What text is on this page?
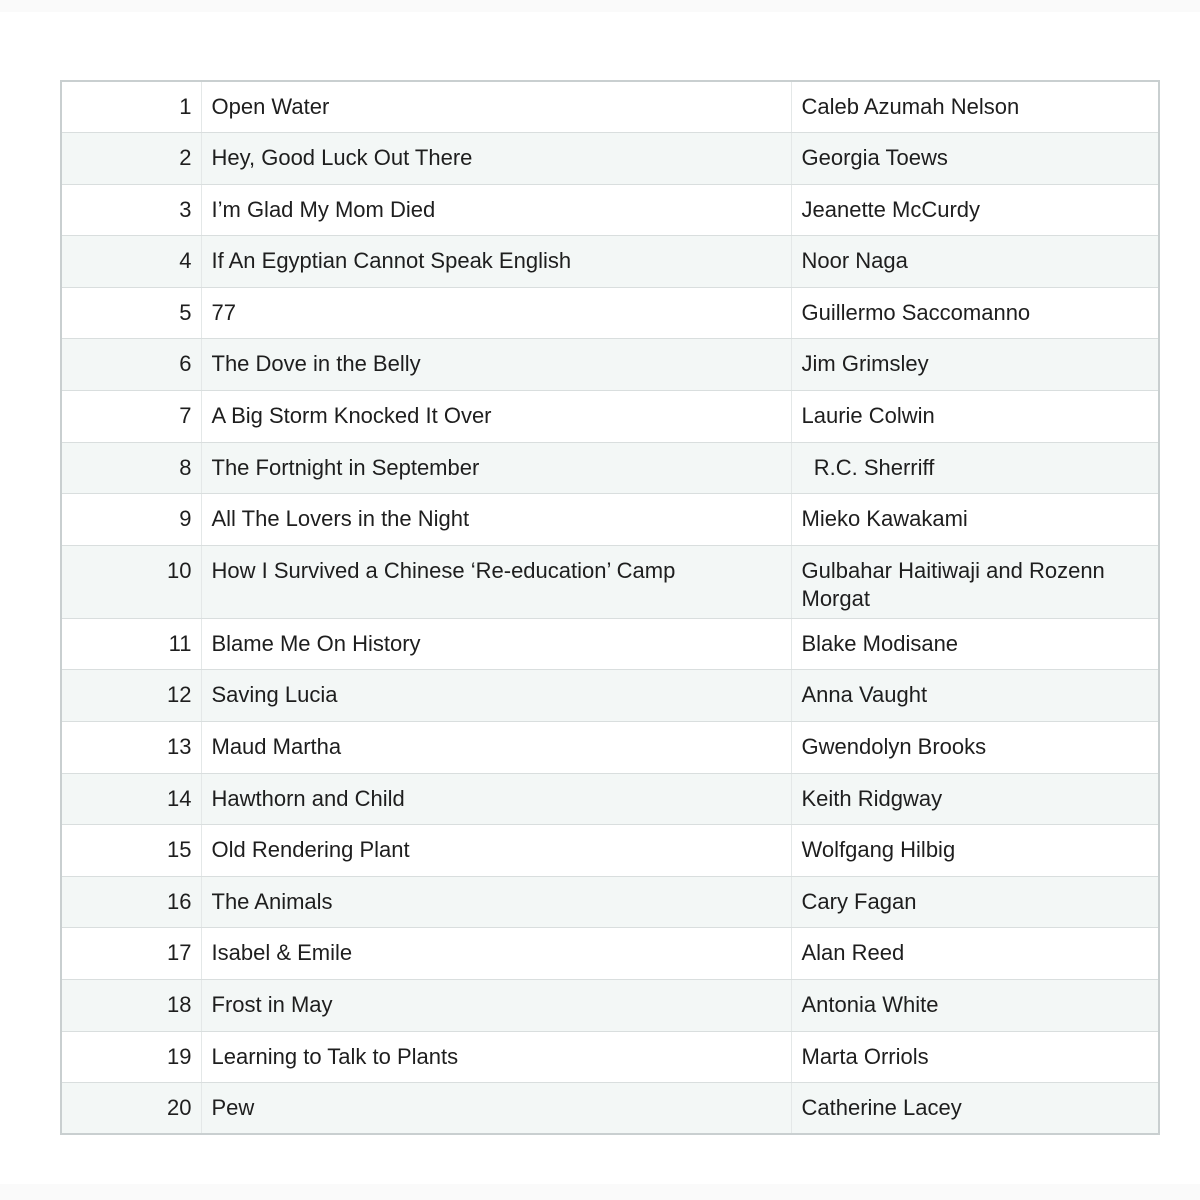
1	Open Water	Caleb Azumah Nelson
2	Hey, Good Luck Out There	Georgia Toews
3	I’m Glad My Mom Died	Jeanette McCurdy
4	If An Egyptian Cannot Speak English	Noor Naga
5	77	Guillermo Saccomanno
6	The Dove in the Belly	Jim Grimsley
7	A Big Storm Knocked It Over	Laurie Colwin
8	The Fortnight in September	R.C. Sherriff
9	All The Lovers in the Night	Mieko Kawakami
10	How I Survived a Chinese ‘Re-education’ Camp	Gulbahar Haitiwaji and Rozenn Morgat
11	Blame Me On History	Blake Modisane
12	Saving Lucia	Anna Vaught
13	Maud Martha	Gwendolyn Brooks
14	Hawthorn and Child	Keith Ridgway
15	Old Rendering Plant	Wolfgang Hilbig
16	The Animals	Cary Fagan
17	Isabel & Emile	Alan Reed
18	Frost in May	Antonia White
19	Learning to Talk to Plants	Marta Orriols
20	Pew	Catherine Lacey
